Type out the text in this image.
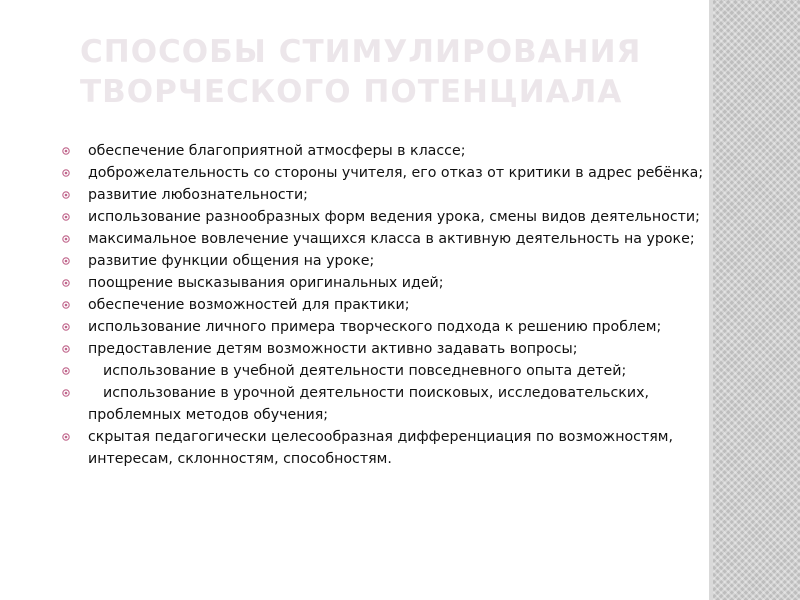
СПОСОБЫ СТИМУЛИРОВАНИЯ ТВОРЧЕСКОГО ПОТЕНЦИАЛА
обеспечение благоприятной атмосферы в классе;
доброжелательность со стороны учителя, его отказ от критики в адрес ребёнка;
развитие любознательности;
использование разнообразных форм ведения урока, смены видов деятельности;
максимальное вовлечение учащихся класса в активную деятельность на уроке;
развитие функции общения на уроке;
поощрение высказывания оригинальных идей;
обеспечение возможностей для практики;
использование личного примера творческого подхода к решению проблем;
предоставление детям возможности активно задавать вопросы;
использование в учебной деятельности повседневного опыта детей;
использование в урочной деятельности поисковых, исследовательских, проблемных методов обучения;
скрытая педагогически целесообразная дифференциация по возможностям, интересам, склонностям, способностям.
